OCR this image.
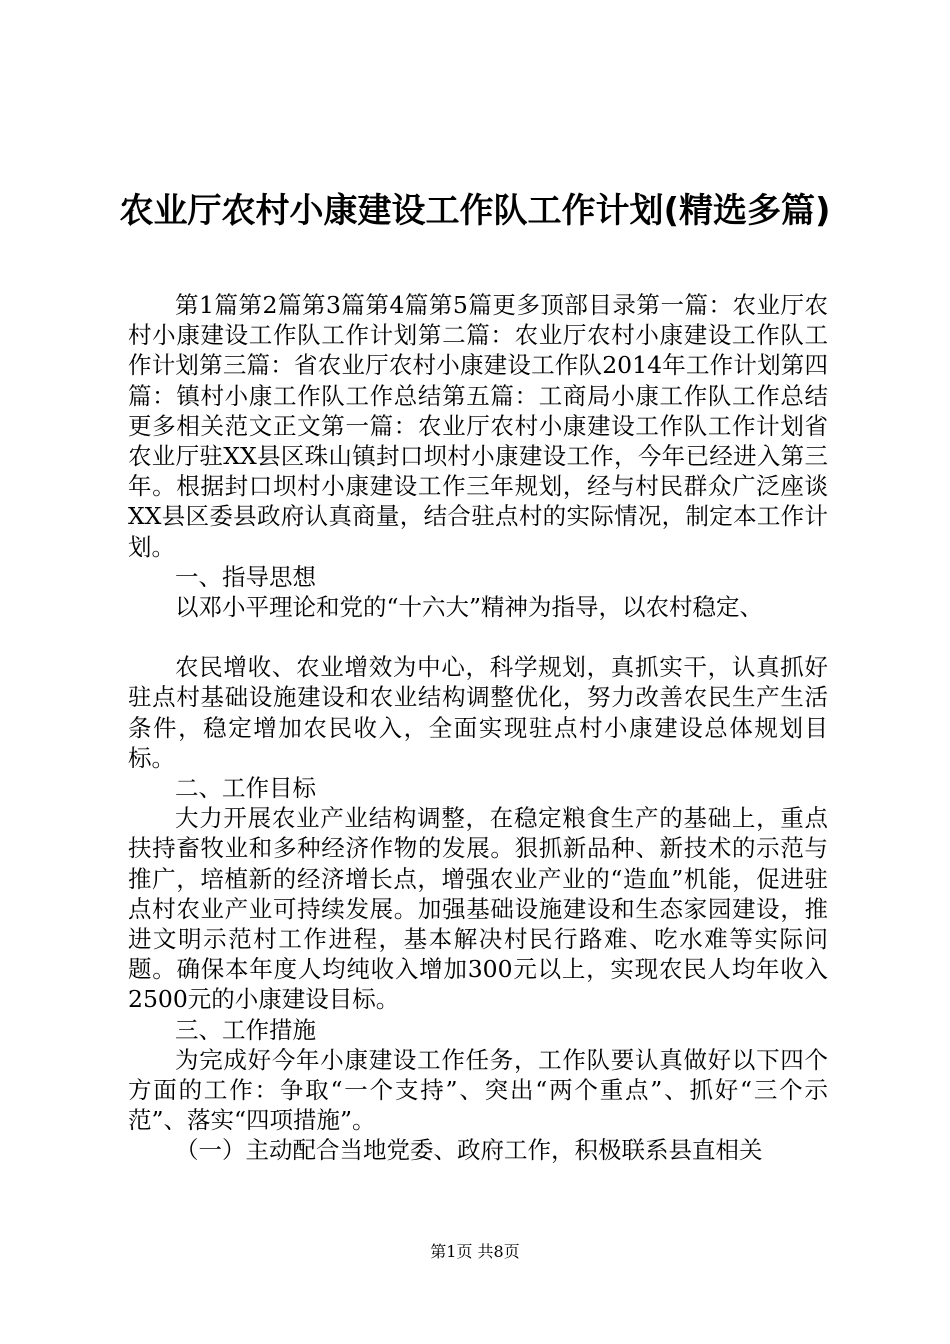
农业厅农村小康建设工作队工作计划(精选多篇)

第1篇第2篇第3篇第4篇第5篇更多顶部目录第一篇：农业厅农村小康建设工作队工作计划第二篇：农业厅农村小康建设工作队工作计划第三篇：省农业厅农村小康建设工作队2014年工作计划第四篇：镇村小康工作队工作总结第五篇：工商局小康工作队工作总结更多相关范文正文第一篇：农业厅农村小康建设工作队工作计划省农业厅驻XX县区珠山镇封口坝村小康建设工作，今年已经进入第三年。根据封口坝村小康建设工作三年规划，经与村民群众广泛座谈XX县区委县政府认真商量，结合驻点村的实际情况，制定本工作计划。

一、指导思想

以邓小平理论和党的“十六大”精神为指导，以农村稳定、

农民增收、农业增效为中心，科学规划，真抓实干，认真抓好驻点村基础设施建设和农业结构调整优化，努力改善农民生产生活条件，稳定增加农民收入，全面实现驻点村小康建设总体规划目标。

二、工作目标

大力开展农业产业结构调整，在稳定粮食生产的基础上，重点扶持畜牧业和多种经济作物的发展。狠抓新品种、新技术的示范与推广，培植新的经济增长点，增强农业产业的“造血”机能，促进驻点村农业产业可持续发展。加强基础设施建设和生态家园建设，推进文明示范村工作进程，基本解决村民行路难、吃水难等实际问题。确保本年度人均纯收入增加300元以上，实现农民人均年收入2500元的小康建设目标。

三、工作措施

为完成好今年小康建设工作任务，工作队要认真做好以下四个方面的工作：争取“一个支持”、突出“两个重点”、抓好“三个示范”、落实“四项措施”。

（一）主动配合当地党委、政府工作，积极联系县直相关

第1页 共8页
